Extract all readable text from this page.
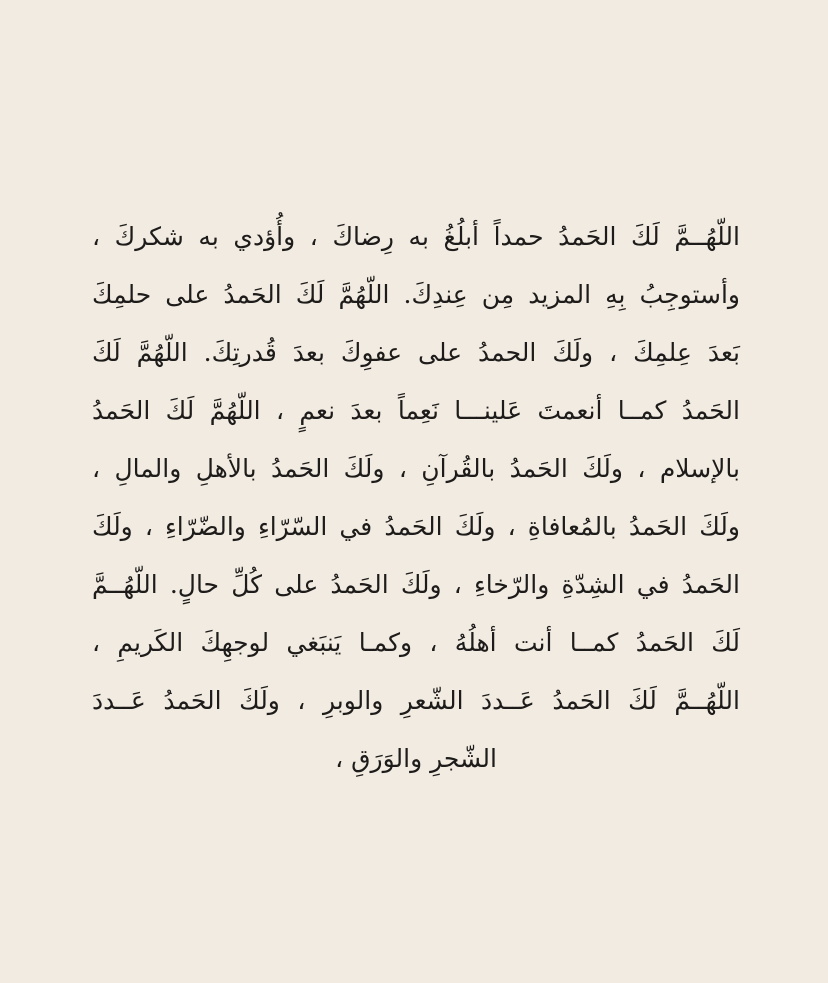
اللّهُــمَّ لَكَ الحَمدُ حمداً أبلُغُ به رِضاكَ ، وأُؤدي به شكركَ ،
وأستوجِبُ بِهِ المزيد مِن عِندِكَ. اللّهُمَّ لَكَ الحَمدُ على حلمِكَ
بَعدَ عِلمِكَ ، ولَكَ الحمدُ على عفوِكَ بعدَ قُدرتِكَ. اللّهُمَّ لَكَ
الحَمدُ كمــا أنعمتَ عَلينـــا نَعِماً بعدَ نعمٍ ، اللّهُمَّ لَكَ الحَمدُ
بالإسلام ، ولَكَ الحَمدُ بالقُرآنِ ، ولَكَ الحَمدُ بالأهلِ والمالِ ،
ولَكَ الحَمدُ بالمُعافاةِ ، ولَكَ الحَمدُ في السّرّاءِ والضّرّاءِ ، ولَكَ
الحَمدُ في الشِدّةِ والرّخاءِ ، ولَكَ الحَمدُ على كُلِّ حالٍ. اللّهُــمَّ
لَكَ الحَمدُ كمــا أنت أهلُهُ ، وكمـا يَنبَغي لوجهِكَ الكَريمِ ،
اللّهُــمَّ لَكَ الحَمدُ عَــددَ الشّعرِ والوبرِ ، ولَكَ الحَمدُ عَــددَ
الشّجرِ والوَرَقِ ،
